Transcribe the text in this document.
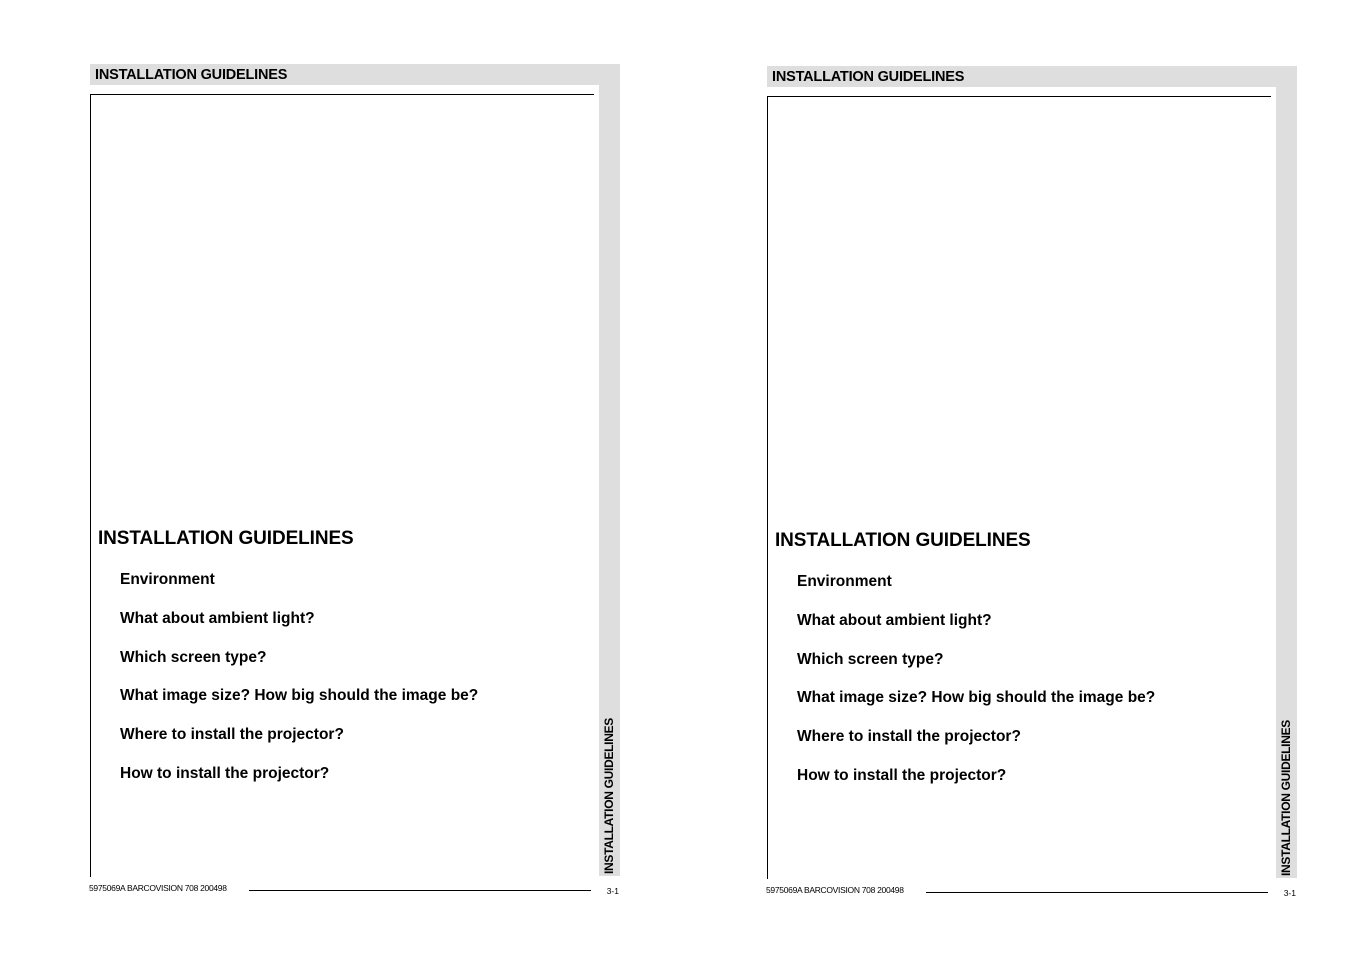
INSTALLATION GUIDELINES
INSTALLATION GUIDELINES
INSTALLATION GUIDELINES
Environment
What about ambient light?
Which screen type?
What image size? How big should the image be?
Where to install the projector?
How to install the projector?
5975069A BARCOVISION 708 200498	3-1
INSTALLATION GUIDELINES
INSTALLATION GUIDELINES
INSTALLATION GUIDELINES
Environment
What about ambient light?
Which screen type?
What image size? How big should the image be?
Where to install the projector?
How to install the projector?
5975069A BARCOVISION 708 200498	3-1
